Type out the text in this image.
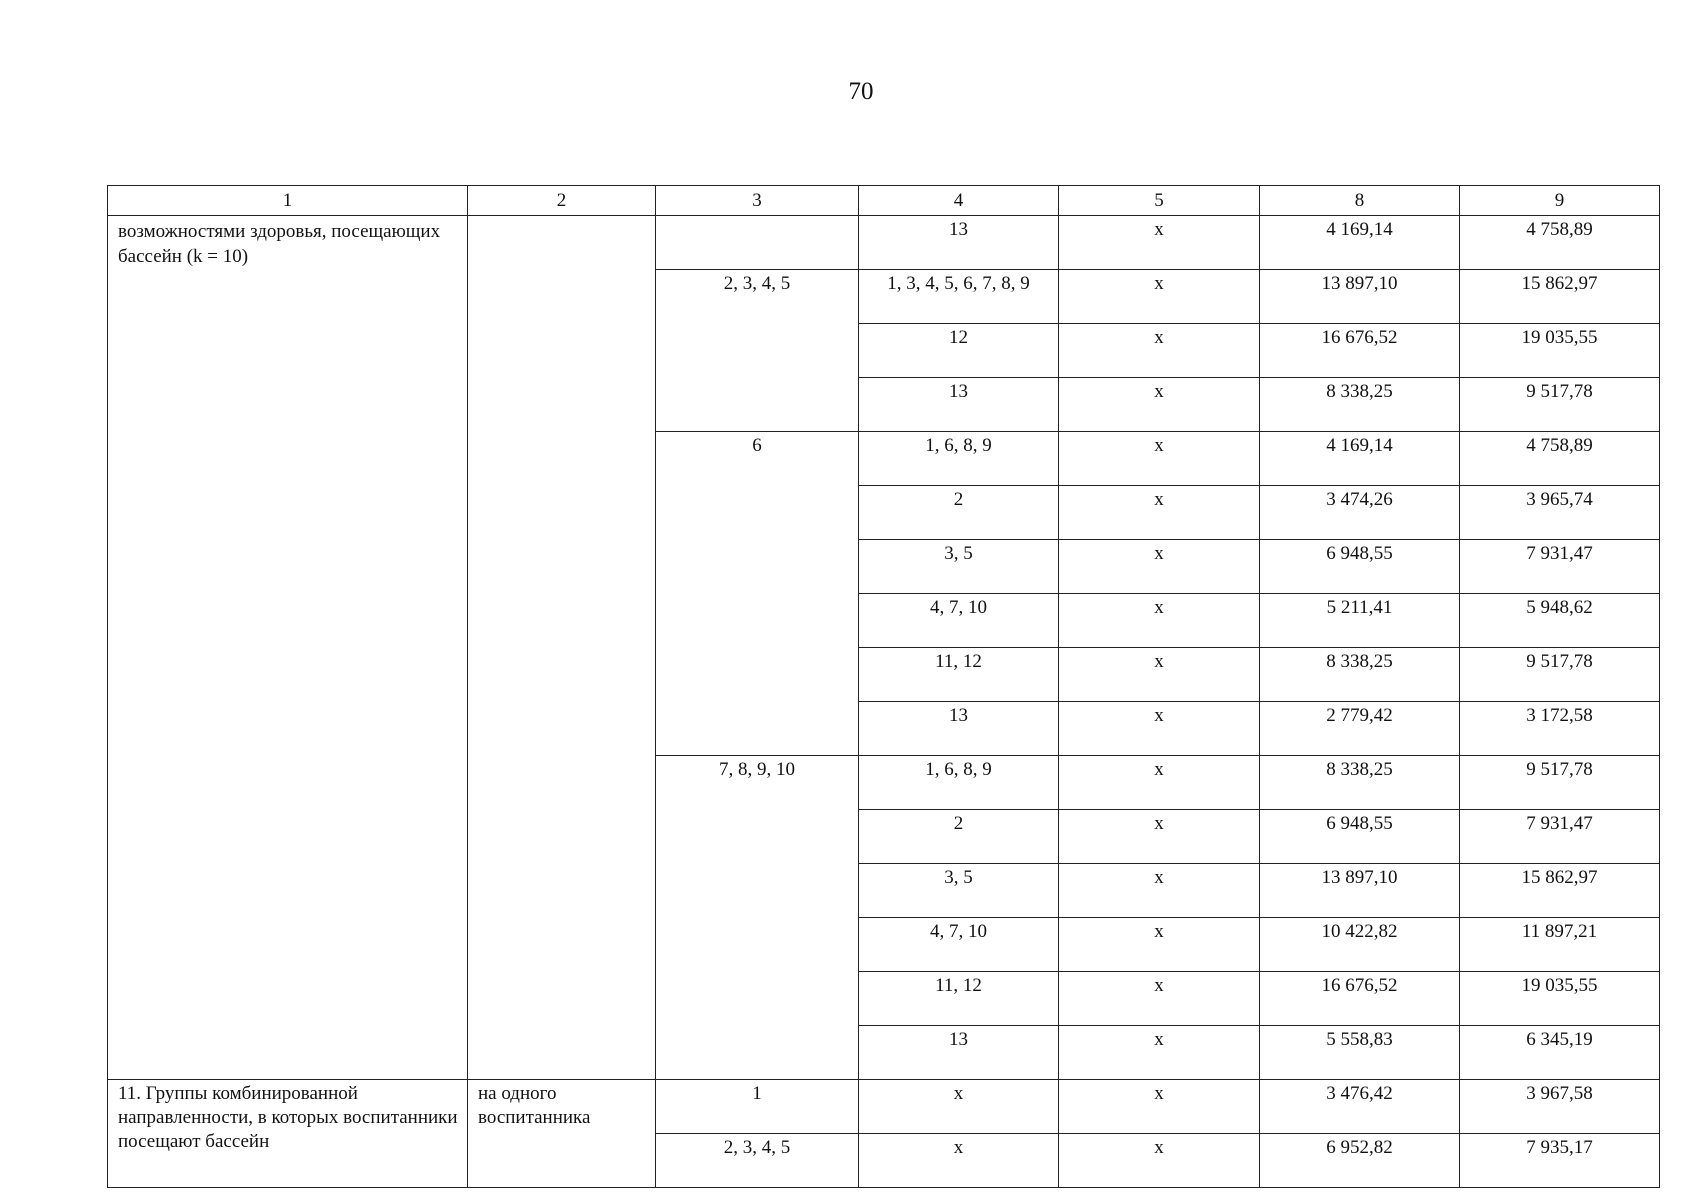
70
1	2	3	4	5	8	9
возможностями здоровья, посещающих бассейн (k = 10)			13	х	4 169,14	4 758,89
		2, 3, 4, 5	1, 3, 4, 5, 6, 7, 8, 9	х	13 897,10	15 862,97
			12	х	16 676,52	19 035,55
			13	х	8 338,25	9 517,78
		6	1, 6, 8, 9	х	4 169,14	4 758,89
			2	х	3 474,26	3 965,74
			3, 5	х	6 948,55	7 931,47
			4, 7, 10	х	5 211,41	5 948,62
			11, 12	х	8 338,25	9 517,78
			13	х	2 779,42	3 172,58
		7, 8, 9, 10	1, 6, 8, 9	х	8 338,25	9 517,78
			2	х	6 948,55	7 931,47
			3, 5	х	13 897,10	15 862,97
			4, 7, 10	х	10 422,82	11 897,21
			11, 12	х	16 676,52	19 035,55
			13	х	5 558,83	6 345,19
11. Группы комбинированной направленности, в которых воспитанники посещают бассейн	на одного воспитанника	1	х	х	3 476,42	3 967,58
		2, 3, 4, 5	х	х	6 952,82	7 935,17
